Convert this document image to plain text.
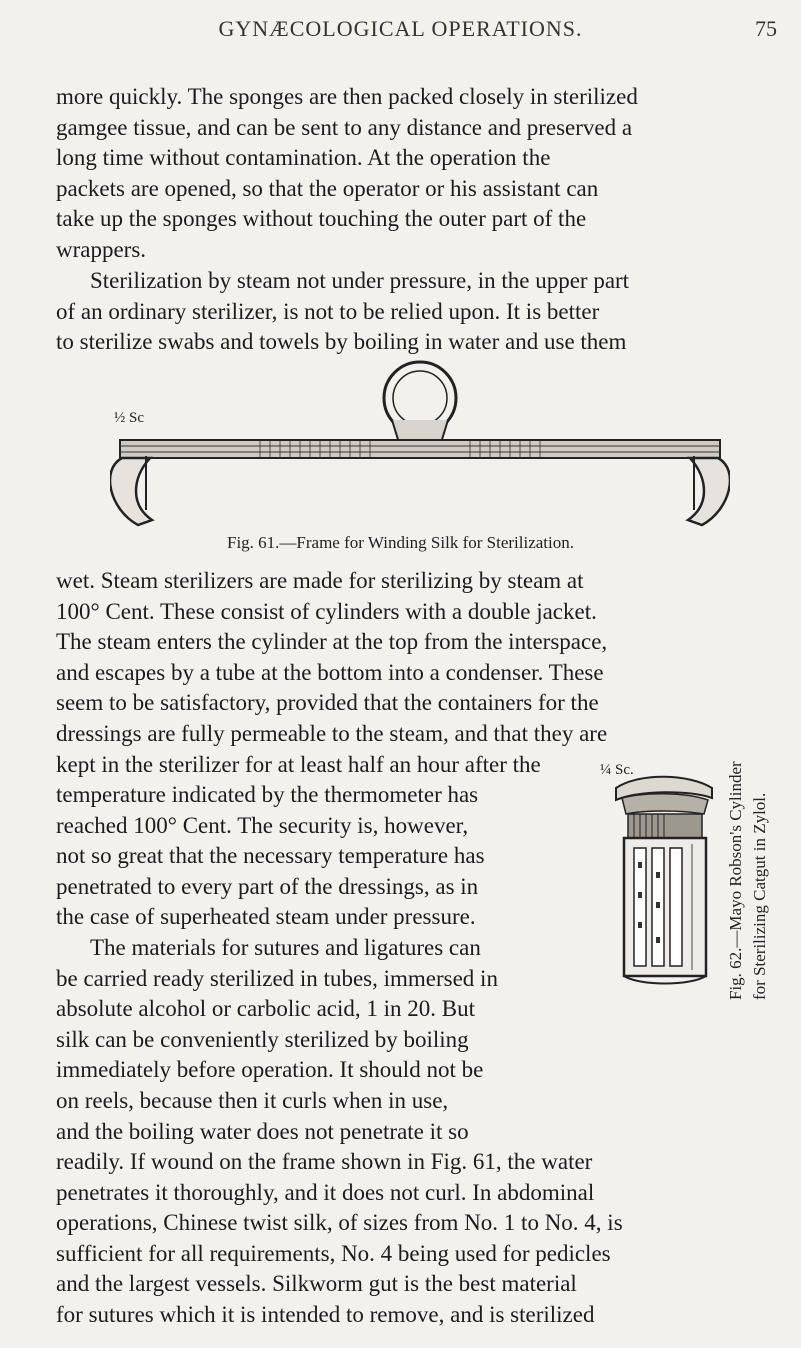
GYNÆCOLOGICAL OPERATIONS.	75

more quickly. The sponges are then packed closely in sterilized
gamgee tissue, and can be sent to any distance and preserved a
long time without contamination. At the operation the
packets are opened, so that the operator or his assistant can
take up the sponges without touching the outer part of the
wrappers.

Sterilization by steam not under pressure, in the upper part
of an ordinary sterilizer, is not to be relied upon. It is better
to sterilize swabs and towels by boiling in water and use them

½ Sc
Fig. 61.—Frame for Winding Silk for Sterilization.

wet. Steam sterilizers are made for sterilizing by steam at
100° Cent. These consist of cylinders with a double jacket.
The steam enters the cylinder at the top from the interspace,
and escapes by a tube at the bottom into a condenser. These
seem to be satisfactory, provided that the containers for the
dressings are fully permeable to the steam, and that they are
kept in the sterilizer for at least half an hour after the

temperature indicated by the thermometer has
reached 100° Cent. The security is, however,
not so great that the necessary temperature has
penetrated to every part of the dressings, as in
the case of superheated steam under pressure.

The materials for sutures and ligatures can
be carried ready sterilized in tubes, immersed in
absolute alcohol or carbolic acid, 1 in 20. But
silk can be conveniently sterilized by boiling
immediately before operation. It should not be
on reels, because then it curls when in use,
and the boiling water does not penetrate it so

readily. If wound on the frame shown in Fig. 61, the water
penetrates it thoroughly, and it does not curl. In abdominal
operations, Chinese twist silk, of sizes from No. 1 to No. 4, is
sufficient for all requirements, No. 4 being used for pedicles
and the largest vessels. Silkworm gut is the best material
for sutures which it is intended to remove, and is sterilized

¼ Sc.	Fig. 62.—Mayo Robson's Cylinder for Sterilizing Catgut in Zylol.
